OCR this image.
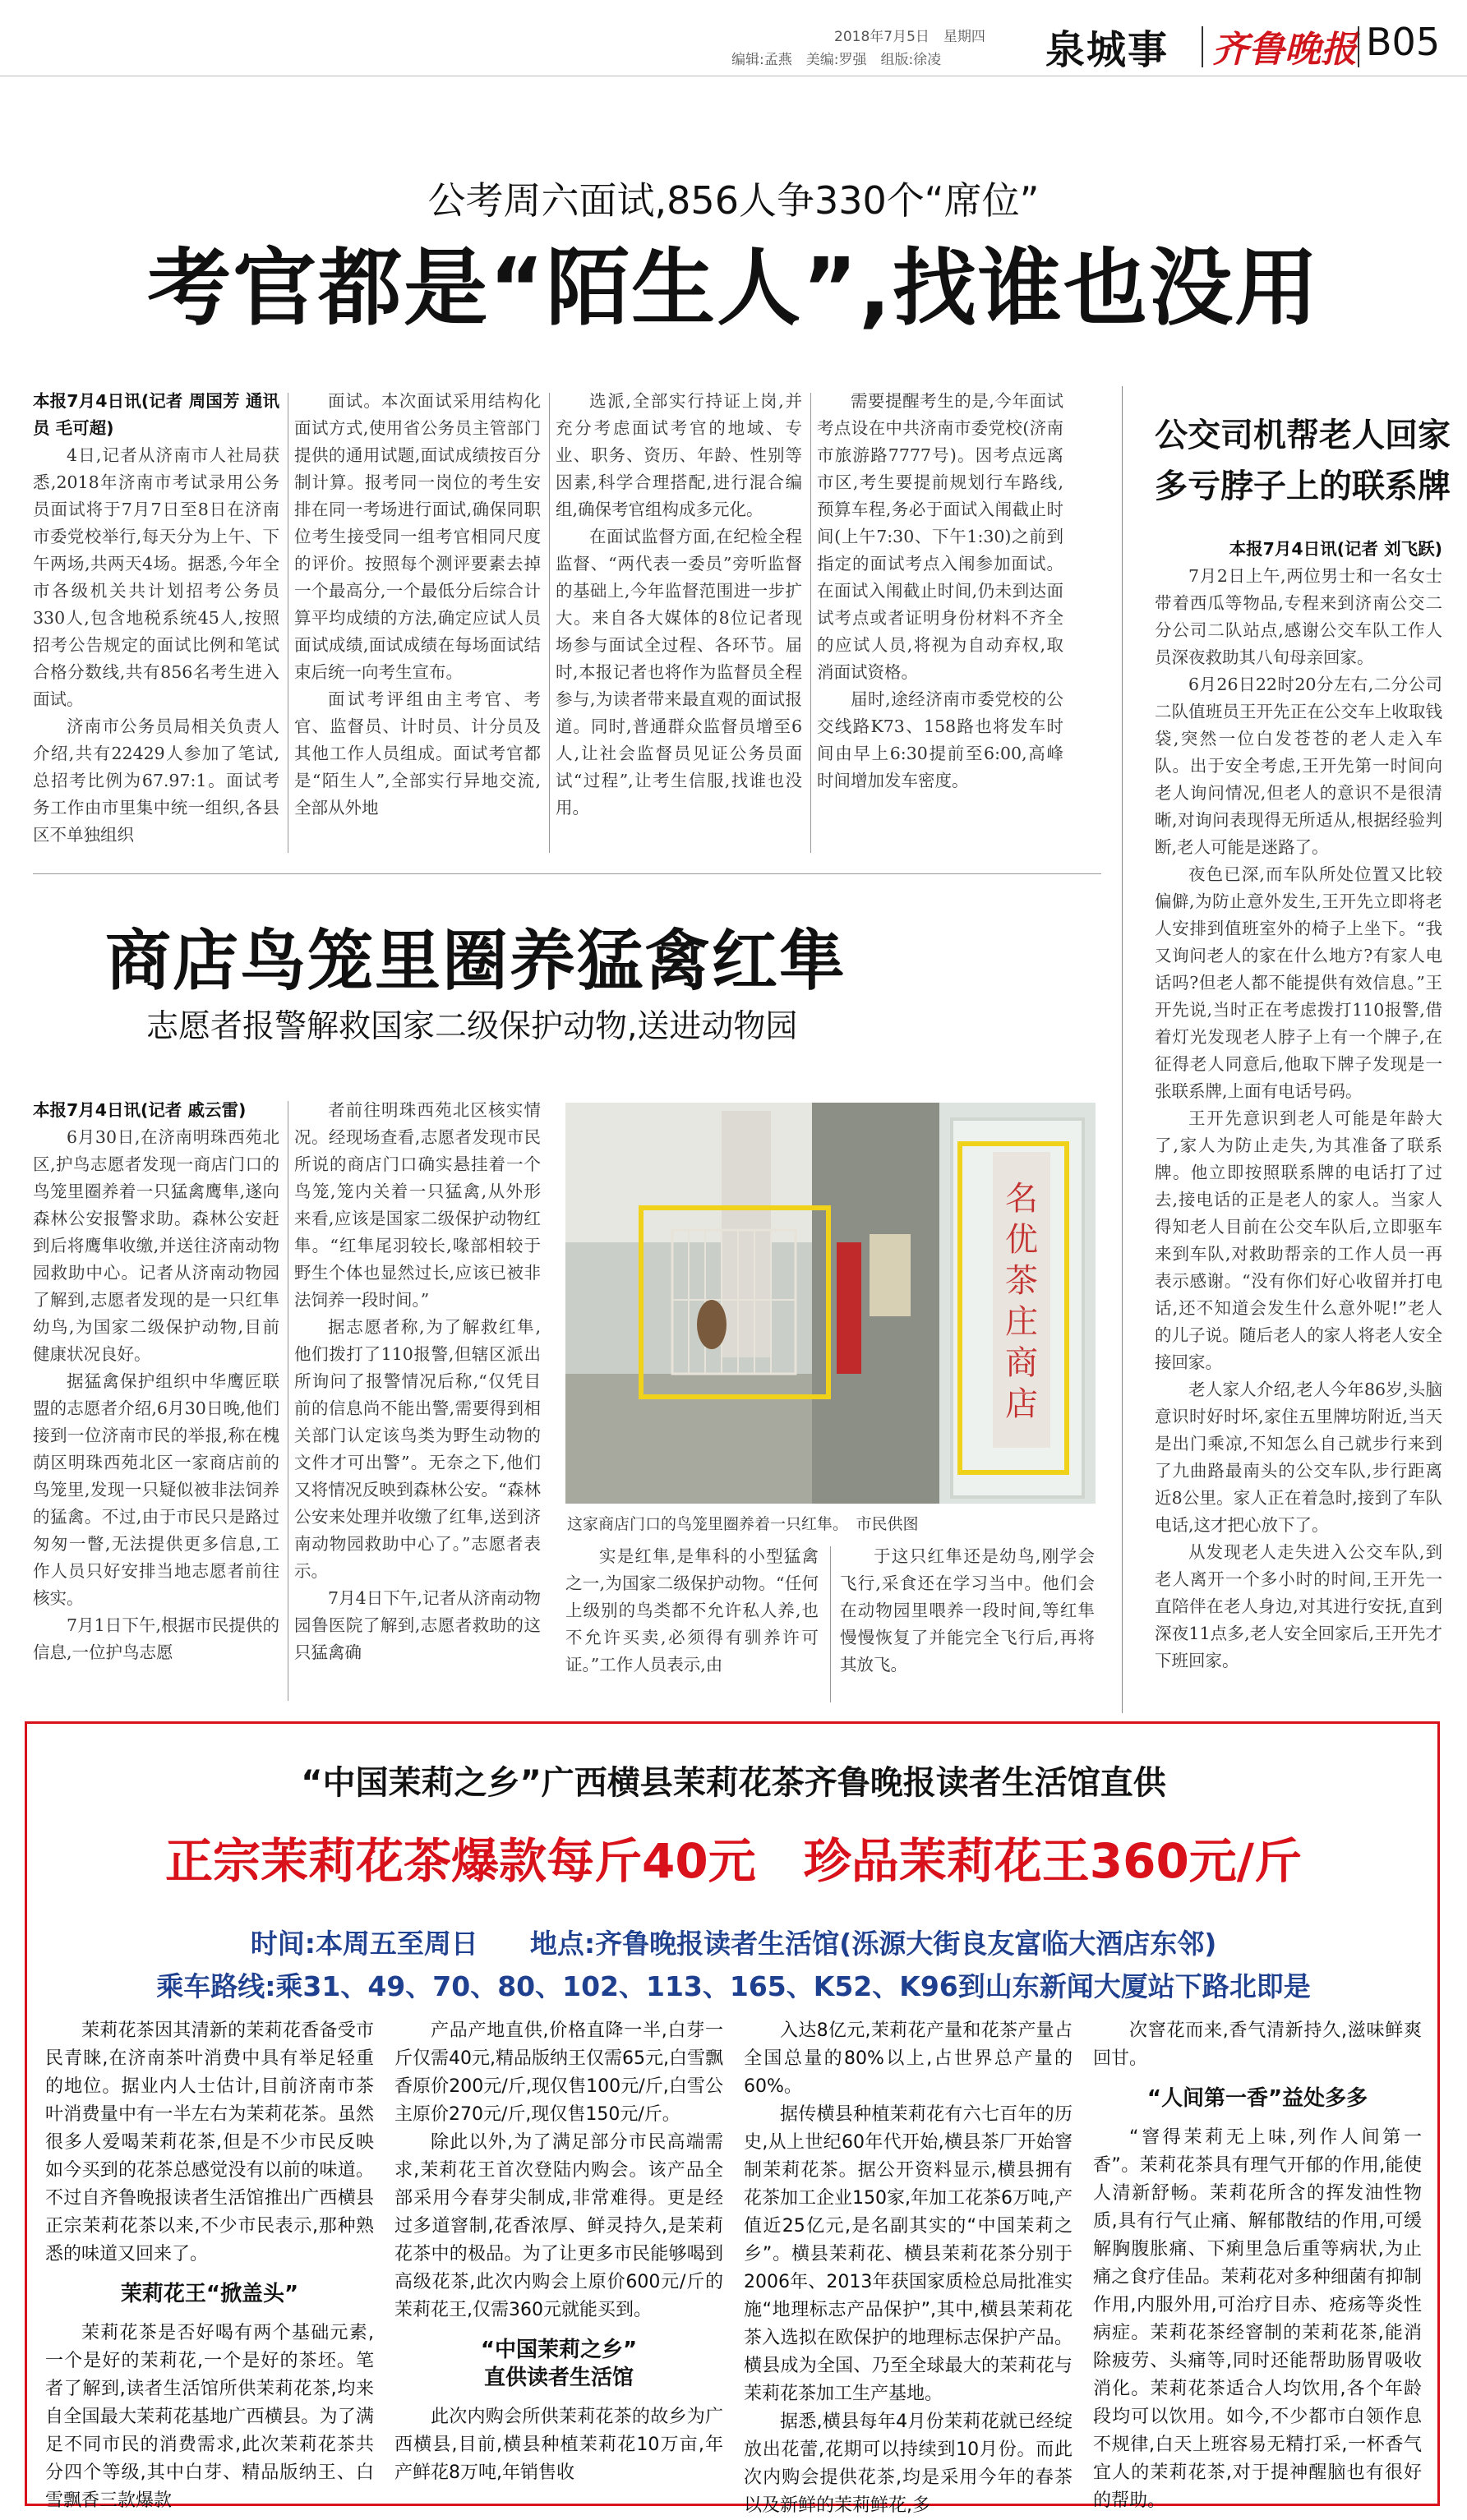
2018年7月5日　星期四
编辑:孟燕　美编:罗强　组版:徐凌	泉城事 齐鲁晚报 B05
公考周六面试,856人争330个“席位”
考官都是“陌生人”,找谁也没用

本报7月4日讯(记者 周国芳 通讯员 毛可超)

4日,记者从济南市人社局获悉,2018年济南市考试录用公务员面试将于7月7日至8日在济南市委党校举行,每天分为上午、下午两场,共两天4场。据悉,今年全市各级机关共计划招考公务员330人,包含地税系统45人,按照招考公告规定的面试比例和笔试合格分数线,共有856名考生进入面试。

济南市公务员局相关负责人介绍,共有22429人参加了笔试,总招考比例为67.97:1。面试考务工作由市里集中统一组织,各县区不单独组织

面试。本次面试采用结构化面试方式,使用省公务员主管部门提供的通用试题,面试成绩按百分制计算。报考同一岗位的考生安排在同一考场进行面试,确保同职位考生接受同一组考官相同尺度的评价。按照每个测评要素去掉一个最高分,一个最低分后综合计算平均成绩的方法,确定应试人员面试成绩,面试成绩在每场面试结束后统一向考生宣布。

面试考评组由主考官、考官、监督员、计时员、计分员及其他工作人员组成。面试考官都是“陌生人”,全部实行异地交流,全部从外地

选派,全部实行持证上岗,并充分考虑面试考官的地域、专业、职务、资历、年龄、性别等因素,科学合理搭配,进行混合编组,确保考官组构成多元化。

在面试监督方面,在纪检全程监督、“两代表一委员”旁听监督的基础上,今年监督范围进一步扩大。来自各大媒体的8位记者现场参与面试全过程、各环节。届时,本报记者也将作为监督员全程参与,为读者带来最直观的面试报道。同时,普通群众监督员增至6人,让社会监督员见证公务员面试“过程”,让考生信服,找谁也没用。

需要提醒考生的是,今年面试考点设在中共济南市委党校(济南市旅游路7777号)。因考点远离市区,考生要提前规划行车路线,预算车程,务必于面试入闱截止时间(上午7:30、下午1:30)之前到指定的面试考点入闱参加面试。在面试入闱截止时间,仍未到达面试考点或者证明身份材料不齐全的应试人员,将视为自动弃权,取消面试资格。

届时,途经济南市委党校的公交线路K73、158路也将发车时间由早上6:30提前至6:00,高峰时间增加发车密度。

公交司机帮老人回家
多亏脖子上的联系牌

本报7月4日讯(记者 刘飞跃)

7月2日上午,两位男士和一名女士带着西瓜等物品,专程来到济南公交二分公司二队站点,感谢公交车队工作人员深夜救助其八旬母亲回家。

6月26日22时20分左右,二分公司二队值班员王开先正在公交车上收取钱袋,突然一位白发苍苍的老人走入车队。出于安全考虑,王开先第一时间向老人询问情况,但老人的意识不是很清晰,对询问表现得无所适从,根据经验判断,老人可能是迷路了。

夜色已深,而车队所处位置又比较偏僻,为防止意外发生,王开先立即将老人安排到值班室外的椅子上坐下。“我又询问老人的家在什么地方?有家人电话吗?但老人都不能提供有效信息。”王开先说,当时正在考虑拨打110报警,借着灯光发现老人脖子上有一个牌子,在征得老人同意后,他取下牌子发现是一张联系牌,上面有电话号码。

王开先意识到老人可能是年龄大了,家人为防止走失,为其准备了联系牌。他立即按照联系牌的电话打了过去,接电话的正是老人的家人。当家人得知老人目前在公交车队后,立即驱车来到车队,对救助帮亲的工作人员一再表示感谢。“没有你们好心收留并打电话,还不知道会发生什么意外呢!”老人的儿子说。随后老人的家人将老人安全接回家。

老人家人介绍,老人今年86岁,头脑意识时好时坏,家住五里牌坊附近,当天是出门乘凉,不知怎么自己就步行来到了九曲路最南头的公交车队,步行距离近8公里。家人正在着急时,接到了车队电话,这才把心放下了。

从发现老人走失进入公交车队,到老人离开一个多小时的时间,王开先一直陪伴在老人身边,对其进行安抚,直到深夜11点多,老人安全回家后,王开先才下班回家。

商店鸟笼里圈养猛禽红隼
志愿者报警解救国家二级保护动物,送进动物园

本报7月4日讯(记者 戚云雷)

6月30日,在济南明珠西苑北区,护鸟志愿者发现一商店门口的鸟笼里圈养着一只猛禽鹰隼,遂向森林公安报警求助。森林公安赶到后将鹰隼收缴,并送往济南动物园救助中心。记者从济南动物园了解到,志愿者发现的是一只红隼幼鸟,为国家二级保护动物,目前健康状况良好。

据猛禽保护组织中华鹰匠联盟的志愿者介绍,6月30日晚,他们接到一位济南市民的举报,称在槐荫区明珠西苑北区一家商店前的鸟笼里,发现一只疑似被非法饲养的猛禽。不过,由于市民只是路过匆匆一瞥,无法提供更多信息,工作人员只好安排当地志愿者前往核实。

7月1日下午,根据市民提供的信息,一位护鸟志愿

者前往明珠西苑北区核实情况。经现场查看,志愿者发现市民所说的商店门口确实悬挂着一个鸟笼,笼内关着一只猛禽,从外形来看,应该是国家二级保护动物红隼。“红隼尾羽较长,喙部相较于野生个体也显然过长,应该已被非法饲养一段时间。”

据志愿者称,为了解救红隼,他们拨打了110报警,但辖区派出所询问了报警情况后称,“仅凭目前的信息尚不能出警,需要得到相关部门认定该鸟类为野生动物的文件才可出警”。无奈之下,他们又将情况反映到森林公安。“森林公安来处理并收缴了红隼,送到济南动物园救助中心了。”志愿者表示。

7月4日下午,记者从济南动物园鲁医院了解到,志愿者救助的这只猛禽确

名
优
茶
庄
商
店
这家商店门口的鸟笼里圈养着一只红隼。　市民供图

实是红隼,是隼科的小型猛禽之一,为国家二级保护动物。“任何上级别的鸟类都不允许私人养,也不允许买卖,必须得有驯养许可证。”工作人员表示,由

于这只红隼还是幼鸟,刚学会飞行,采食还在学习当中。他们会在动物园里喂养一段时间,等红隼慢慢恢复了并能完全飞行后,再将其放飞。

“中国茉莉之乡”广西横县茉莉花茶齐鲁晚报读者生活馆直供
正宗茉莉花茶爆款每斤40元　珍品茉莉花王360元/斤
时间:本周五至周日 地点:齐鲁晚报读者生活馆(泺源大街良友富临大酒店东邻)
乘车路线:乘31、49、70、80、102、113、165、K52、K96到山东新闻大厦站下路北即是

茉莉花茶因其清新的茉莉花香备受市民青睐,在济南茶叶消费中具有举足轻重的地位。据业内人士估计,目前济南市茶叶消费量中有一半左右为茉莉花茶。虽然很多人爱喝茉莉花茶,但是不少市民反映如今买到的花茶总感觉没有以前的味道。不过自齐鲁晚报读者生活馆推出广西横县正宗茉莉花茶以来,不少市民表示,那种熟悉的味道又回来了。

茉莉花王“掀盖头”

茉莉花茶是否好喝有两个基础元素,一个是好的茉莉花,一个是好的茶坯。笔者了解到,读者生活馆所供茉莉花茶,均来自全国最大茉莉花基地广西横县。为了满足不同市民的消费需求,此次茉莉花茶共分四个等级,其中白芽、精品版纳王、白雪飘香三款爆款

产品产地直供,价格直降一半,白芽一斤仅需40元,精品版纳王仅需65元,白雪飘香原价200元/斤,现仅售100元/斤,白雪公主原价270元/斤,现仅售150元/斤。

除此以外,为了满足部分市民高端需求,茉莉花王首次登陆内购会。该产品全部采用今春芽尖制成,非常难得。更是经过多道窨制,花香浓厚、鲜灵持久,是茉莉花茶中的极品。为了让更多市民能够喝到高级花茶,此次内购会上原价600元/斤的茉莉花王,仅需360元就能买到。

“中国茉莉之乡”
直供读者生活馆

此次内购会所供茉莉花茶的故乡为广西横县,目前,横县种植茉莉花10万亩,年产鲜花8万吨,年销售收

入达8亿元,茉莉花产量和花茶产量占全国总量的80%以上,占世界总产量的60%。

据传横县种植茉莉花有六七百年的历史,从上世纪60年代开始,横县茶厂开始窨制茉莉花茶。据公开资料显示,横县拥有花茶加工企业150家,年加工花茶6万吨,产值近25亿元,是名副其实的“中国茉莉之乡”。横县茉莉花、横县茉莉花茶分别于2006年、2013年获国家质检总局批准实施“地理标志产品保护”,其中,横县茉莉花茶入选拟在欧保护的地理标志保护产品。横县成为全国、乃至全球最大的茉莉花与茉莉花茶加工生产基地。

据悉,横县每年4月份茉莉花就已经绽放出花蕾,花期可以持续到10月份。而此次内购会提供花茶,均是采用今年的春茶以及新鲜的茉莉鲜花,多

次窨花而来,香气清新持久,滋味鲜爽回甘。

“人间第一香”益处多多

“窨得茉莉无上味,列作人间第一香”。茉莉花茶具有理气开郁的作用,能使人清新舒畅。茉莉花所含的挥发油性物质,具有行气止痛、解郁散结的作用,可缓解胸腹胀痛、下痢里急后重等病状,为止痛之食疗佳品。茉莉花对多种细菌有抑制作用,内服外用,可治疗目赤、疮疡等炎性病症。茉莉花茶经窨制的茉莉花茶,能消除疲劳、头痛等,同时还能帮助肠胃吸收消化。茉莉花茶适合人均饮用,各个年龄段均可以饮用。如今,不少都市白领作息不规律,白天上班容易无精打采,一杯香气宜人的茉莉花茶,对于提神醒脑也有很好的帮助。
